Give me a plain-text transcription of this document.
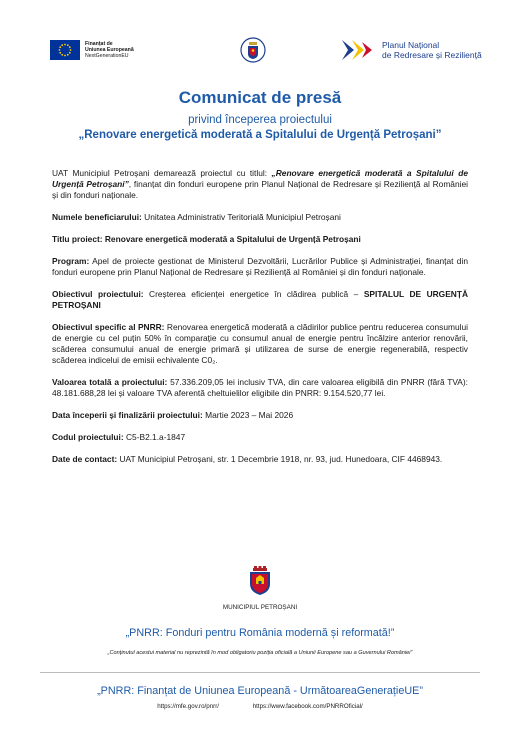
Finanțat de
Uniunea Europeană
NextGenerationEU
Planul Național
de Redresare și Reziliență
Comunicat de presă
privind începerea proiectului
„Renovare energetică moderată a Spitalului de Urgență Petroșani”

UAT Municipiul Petroșani demarează proiectul cu titlul: „Renovare energetică moderată a Spitalului de Urgență Petroșani”, finanțat din fonduri europene prin Planul Național de Redresare și Reziliență al României și din fonduri naționale.

Numele beneficiarului: Unitatea Administrativ Teritorială Municipiul Petroșani

Titlu proiect: Renovare energetică moderată a Spitalului de Urgență Petroșani

Program: Apel de proiecte gestionat de Ministerul Dezvoltării, Lucrărilor Publice și Administrației, finanțat din fonduri europene prin Planul Național de Redresare și Reziliență al României și din fonduri naționale.

Obiectivul proiectului: Creșterea eficienței energetice în clădirea publică – SPITALUL DE URGENȚĂ PETROȘANI

Obiectivul specific al PNRR: Renovarea energetică moderată a clădirilor publice pentru reducerea consumului de energie cu cel puțin 50% în comparație cu consumul anual de energie pentru încălzire anterior renovării, scăderea consumului anual de energie primară și utilizarea de surse de energie regenerabilă, respectiv scăderea indicelui de emisii echivalente C0₂.

Valoarea totală a proiectului: 57.336.209,05 lei inclusiv TVA, din care valoarea eligibilă din PNRR (fără TVA): 48.181.688,28 lei și valoare TVA aferentă cheltuielilor eligibile din PNRR: 9.154.520,77 lei.

Data începerii și finalizării proiectului: Martie 2023 – Mai 2026

Codul proiectului: C5-B2.1.a-1847

Date de contact: UAT Municipiul Petroșani, str. 1 Decembrie 1918, nr. 93, jud. Hunedoara, CIF 4468943.

MUNICIPIUL PETROȘANI
„PNRR: Fonduri pentru România modernă și reformată!”
„Conținutul acestui material nu reprezintă în mod obligatoriu poziția oficială a Uniunii Europene sau a Guvernului României”
„PNRR: Finanțat de Uniunea Europeană - UrmătoareaGenerațieUE”
https://mfe.gov.ro/pnrr/	https://www.facebook.com/PNRROficial/
